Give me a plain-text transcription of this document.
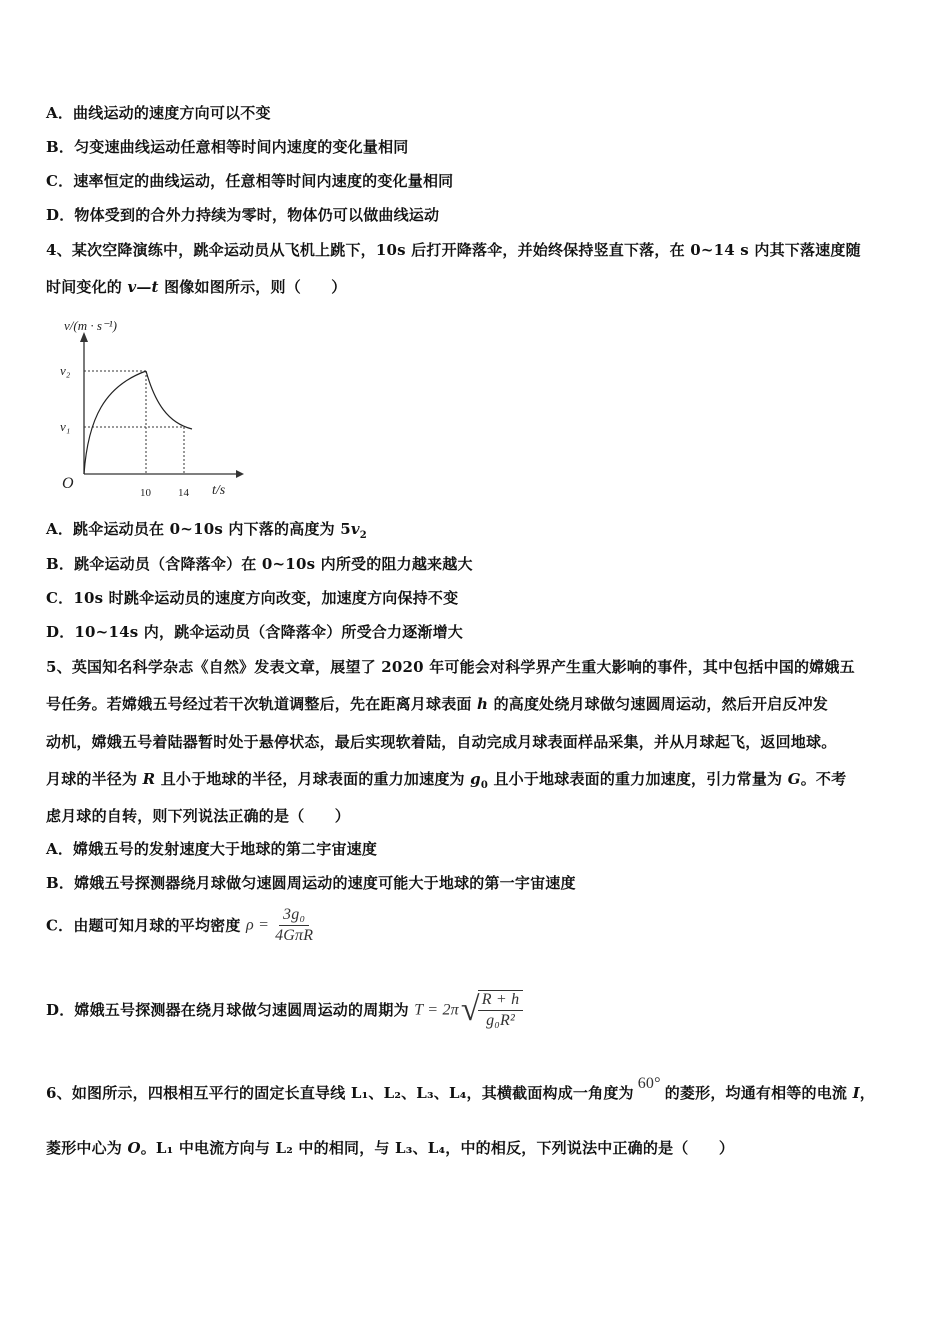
A．曲线运动的速度方向可以不变
B．匀变速曲线运动任意相等时间内速度的变化量相同
C．速率恒定的曲线运动，任意相等时间内速度的变化量相同
D．物体受到的合外力持续为零时，物体仍可以做曲线运动
4、某次空降演练中，跳伞运动员从飞机上跳下，10s 后打开降落伞，并始终保持竖直下落，在 0~14 s 内其下落速度随
时间变化的 v—t 图像如图所示，则（　　）
v/(m · s⁻¹)
v₂
v₁
O
10 14 t/s
A．跳伞运动员在 0~10s 内下落的高度为 $5v_2$
B．跳伞运动员（含降落伞）在 0~10s 内所受的阻力越来越大
C．10s 时跳伞运动员的速度方向改变，加速度方向保持不变
D．10~14s 内，跳伞运动员（含降落伞）所受合力逐渐增大
5、英国知名科学杂志《自然》发表文章，展望了 2020 年可能会对科学界产生重大影响的事件，其中包括中国的嫦娥五
号任务。若嫦娥五号经过若干次轨道调整后，先在距离月球表面 h 的高度处绕月球做匀速圆周运动，然后开启反冲发
动机，嫦娥五号着陆器暂时处于悬停状态，最后实现软着陆，自动完成月球表面样品采集，并从月球起飞，返回地球。
月球的半径为 R 且小于地球的半径，月球表面的重力加速度为 $g_0$ 且小于地球表面的重力加速度，引力常量为 G。不考
虑月球的自转，则下列说法正确的是（　　）
A．嫦娥五号的发射速度大于地球的第二宇宙速度
B．嫦娥五号探测器绕月球做匀速圆周运动的速度可能大于地球的第一宇宙速度
C．由题可知月球的平均密度 $\rho = \frac{\text{3g₀}}{\text{4GπR}}$
D．嫦娥五号探测器在绕月球做匀速圆周运动的周期为 T = 2π√
$\frac{R + h}{\text{g₀R²}}$
6、如图所示，四根相互平行的固定长直导线 L₁、L₂、L₃、L₄，其横截面构成一角度为60°的菱形，均通有相等的电流 I，
菱形中心为 O。L₁ 中电流方向与 L₂ 中的相同，与 L₃、L₄，中的相反，下列说法中正确的是（　　）
